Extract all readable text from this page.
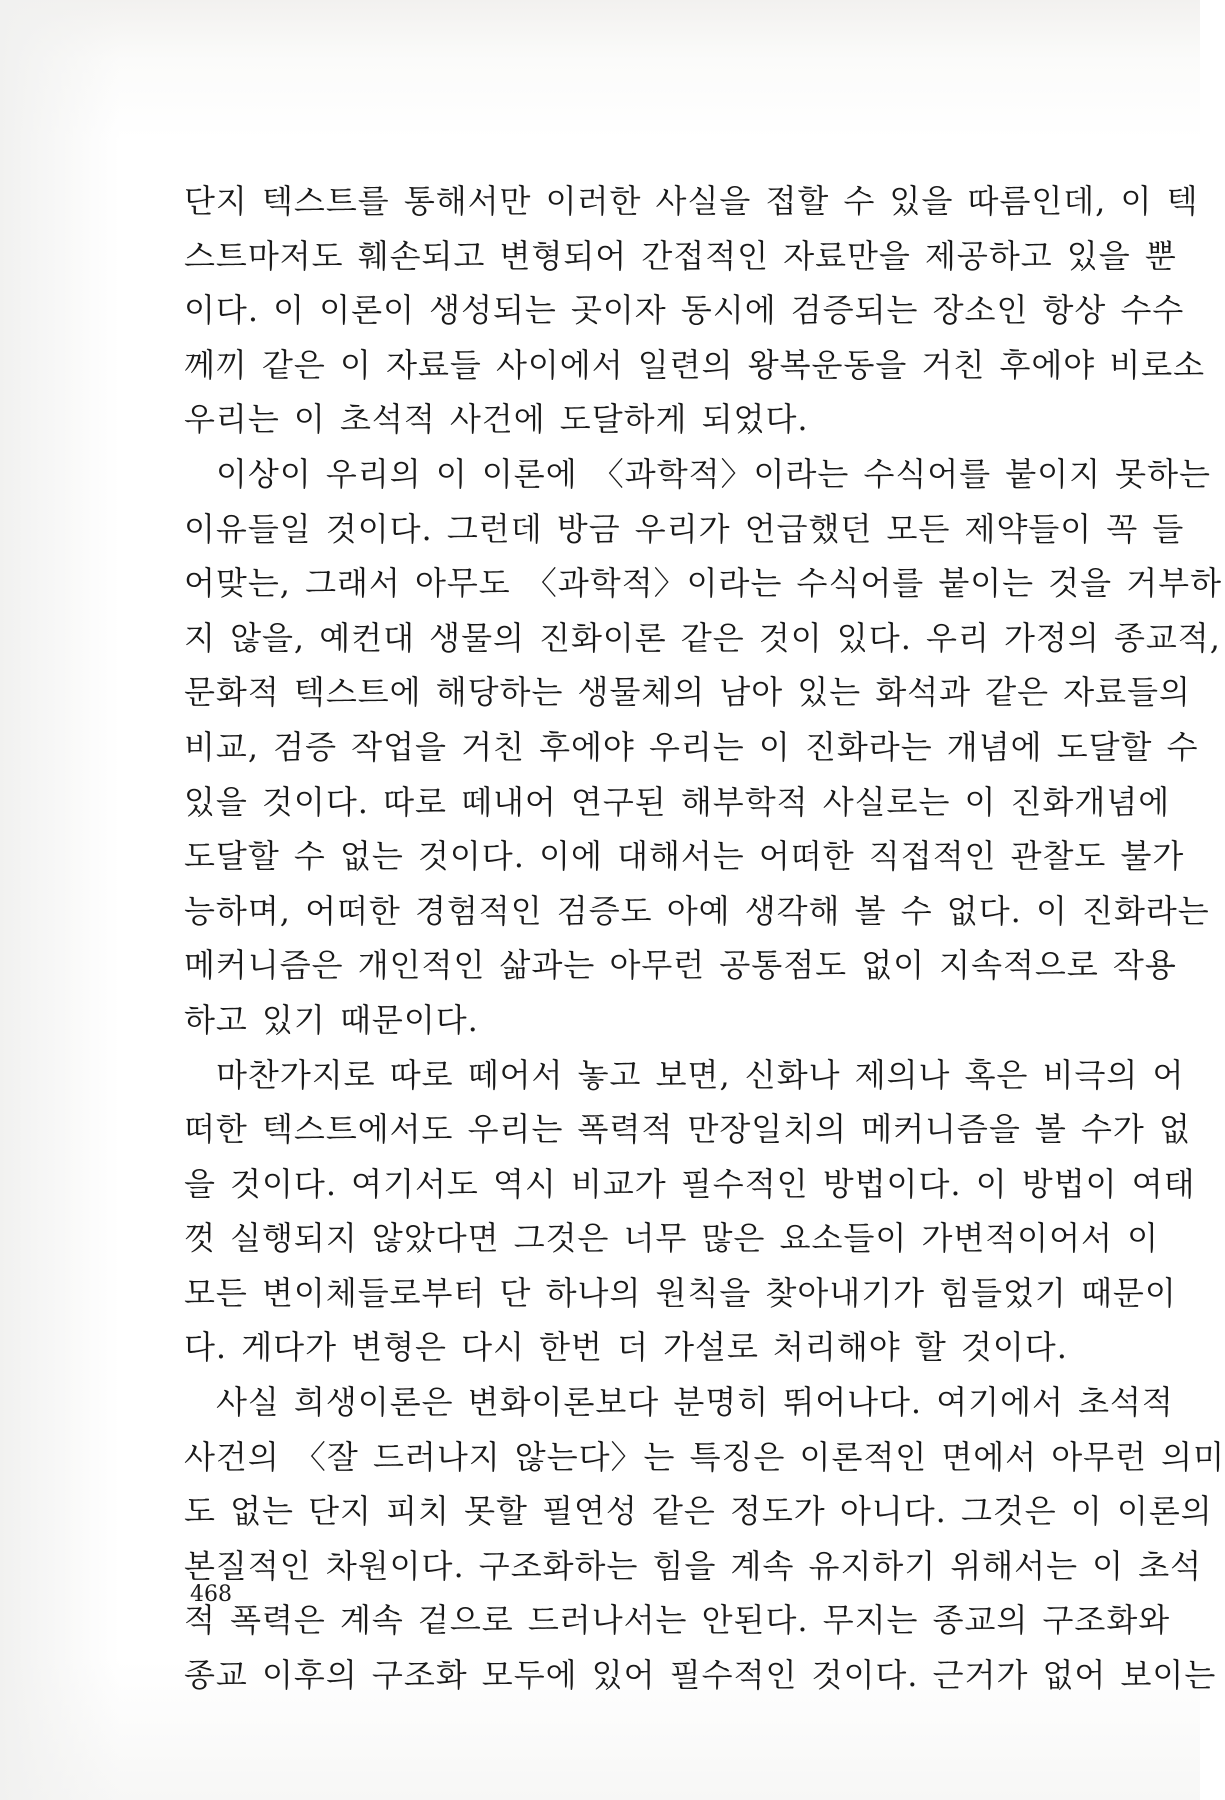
단지 텍스트를 통해서만 이러한 사실을 접할 수 있을 따름인데, 이 텍
스트마저도 훼손되고 변형되어 간접적인 자료만을 제공하고 있을 뿐
이다. 이 이론이 생성되는 곳이자 동시에 검증되는 장소인 항상 수수
께끼 같은 이 자료들 사이에서 일련의 왕복운동을 거친 후에야 비로소
우리는 이 초석적 사건에 도달하게 되었다.
이상이 우리의 이 이론에 〈과학적〉이라는 수식어를 붙이지 못하는
이유들일 것이다. 그런데 방금 우리가 언급했던 모든 제약들이 꼭 들
어맞는, 그래서 아무도 〈과학적〉이라는 수식어를 붙이는 것을 거부하
지 않을, 예컨대 생물의 진화이론 같은 것이 있다. 우리 가정의 종교적,
문화적 텍스트에 해당하는 생물체의 남아 있는 화석과 같은 자료들의
비교, 검증 작업을 거친 후에야 우리는 이 진화라는 개념에 도달할 수
있을 것이다. 따로 떼내어 연구된 해부학적 사실로는 이 진화개념에
도달할 수 없는 것이다. 이에 대해서는 어떠한 직접적인 관찰도 불가
능하며, 어떠한 경험적인 검증도 아예 생각해 볼 수 없다. 이 진화라는
메커니즘은 개인적인 삶과는 아무런 공통점도 없이 지속적으로 작용
하고 있기 때문이다.
마찬가지로 따로 떼어서 놓고 보면, 신화나 제의나 혹은 비극의 어
떠한 텍스트에서도 우리는 폭력적 만장일치의 메커니즘을 볼 수가 없
을 것이다. 여기서도 역시 비교가 필수적인 방법이다. 이 방법이 여태
껏 실행되지 않았다면 그것은 너무 많은 요소들이 가변적이어서 이
모든 변이체들로부터 단 하나의 원칙을 찾아내기가 힘들었기 때문이
다. 게다가 변형은 다시 한번 더 가설로 처리해야 할 것이다.
사실 희생이론은 변화이론보다 분명히 뛰어나다. 여기에서 초석적
사건의 〈잘 드러나지 않는다〉는 특징은 이론적인 면에서 아무런 의미
도 없는 단지 피치 못할 필연성 같은 정도가 아니다. 그것은 이 이론의
본질적인 차원이다. 구조화하는 힘을 계속 유지하기 위해서는 이 초석
적 폭력은 계속 겉으로 드러나서는 안된다. 무지는 종교의 구조화와
종교 이후의 구조화 모두에 있어 필수적인 것이다. 근거가 없어 보이는
468
